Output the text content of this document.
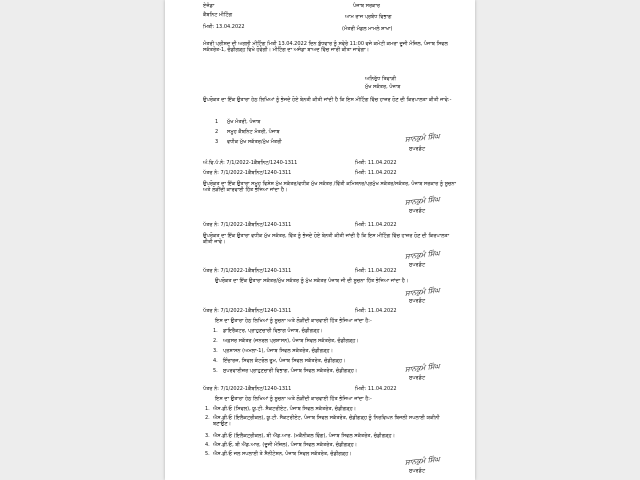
ਏਜੰਡਾ
ਕੈਬਨਿਟ ਮੀਟਿੰਗ
ਮਿਤੀ: 13.04.2022
ਪੰਜਾਬ ਸਰਕਾਰ
ਆਮ ਰਾਜ ਪ੍ਰਬੰਧ ਵਿਭਾਗ
(ਮੰਤਰੀ ਮੰਡਲ ਮਾਮਲੇ ਸ਼ਾਖਾ)
ਮੰਤਰੀ ਪ੍ਰੀਸ਼ਦ ਦੀ ਅਗਲੀ ਮੀਟਿੰਗ ਮਿਤੀ 13.04.2022 ਦਿਨ ਬੁੱਧਵਾਰ ਨੂੰ ਸਵੇਰੇ 11:00 ਵਜੇ ਕਮੇਟੀ ਕਮਰਾ ਦੂਜੀ ਮੰਜ਼ਿਲ, ਪੰਜਾਬ ਸਿਵਲ ਸਕੱਤਰੇਤ-1, ਚੰਡੀਗੜ੍ਹ ਵਿਖੇ ਹੋਵੇਗੀ। ਮੀਟਿੰਗ ਦਾ ਅਜੰਡਾ ਬਾਅਦ ਵਿੱਚ ਜਾਰੀ ਕੀਤਾ ਜਾਵੇਗਾ।
ਅਨਿਰੁੱਧ ਤਿਵਾੜੀ
ਮੁੱਖ ਸਕੱਤਰ, ਪੰਜਾਬ
ਉਪਰੋਕਤ ਦਾ ਇੱਕ ਉਤਾਰਾ ਹੇਠ ਲਿਖਿਆਂ ਨੂੰ ਭੇਜਦੇ ਹੋਏ ਬੇਨਤੀ ਕੀਤੀ ਜਾਂਦੀ ਹੈ ਕਿ ਇਸ ਮੀਟਿੰਗ ਵਿੱਚ ਹਾਜ਼ਰ ਹੋਣ ਦੀ ਕਿਰਪਾਲਤਾ ਕੀਤੀ ਜਾਵੇ:-
1 ਮੁੱਖ ਮੰਤਰੀ, ਪੰਜਾਬ
2 ਸਮੂਹ ਕੈਬਨਿਟ ਮੰਤਰੀ, ਪੰਜਾਬ
3 ਵਧੀਕ ਮੁੱਖ ਸਕੱਤਰ/ਮੁੱਖ ਮੰਤਰੀ	ਸਾਨਕੁਮੰ ਸਿੰਘ
ਸੁਪਰਡੰਟ
ਅੰ.ਵਿ.ਪੱ.ਨੰ: 7/1/2022-1ਕੈਬਨਿਟ/1240-1311	ਮਿਤੀ: 11.04.2022
ਪੱਤਰ ਨੰ: 7/1/2022-1ਕੈਬਨਿਟ/1240-1311	ਮਿਤੀ: 11.04.2022
ਉਪਰੋਕਤ ਦਾ ਇੱਕ ਉਤਾਰਾ ਸਮੂਹ ਵਿਸ਼ੇਸ਼ ਮੁੱਖ ਸਕੱਤਰ/ਵਧੀਕ ਮੁੱਖ ਸਕੱਤਰ /ਵਿੱਤੀ ਕਮਿਸ਼ਨਰ/ਪ੍ਰਮੁੱਖ ਸਕੱਤਰ/ਸਕੱਤਰ, ਪੰਜਾਬ ਸਰਕਾਰ ਨੂੰ ਸੂਚਨਾ ਅਤੇ ਲੋੜੀਂਦੀ ਕਾਰਵਾਈ ਹਿੱਤ ਭੇਜਿਆ ਜਾਂਦਾ ਹੈ।
ਸਾਨਕੁਮੰ ਸਿੰਘ
ਸੁਪਰਡੰਟ
ਪੱਤਰ ਨੰ: 7/1/2022-1ਕੈਬਨਿਟ/1240-1311	ਮਿਤੀ: 11.04.2022
ਉਪਰੋਕਤ ਦਾ ਇੱਕ ਉਤਾਰਾ ਵਧੀਕ ਮੁੱਖ ਸਕੱਤਰ, ਵਿੱਤ ਨੂੰ ਭੇਜਦੇ ਹੋਏ ਬੇਨਤੀ ਕੀਤੀ ਜਾਂਦੀ ਹੈ ਕਿ ਇਸ ਮੀਟਿੰਗ ਵਿੱਚ ਹਾਜ਼ਰ ਹੋਣ ਦੀ ਕਿਰਪਾਲਤਾ ਕੀਤੀ ਜਾਵੇ।
ਸਾਨਕੁਮੰ ਸਿੰਘ
ਸੁਪਰਡੰਟ
ਪੱਤਰ ਨੰ: 7/1/2022-1ਕੈਬਨਿਟ/1240-1311	ਮਿਤੀ: 11.04.2022
ਉਪਰੋਕਤ ਦਾ ਇੱਕ ਉਤਾਰਾ ਸਕੱਤਰ/ਮੁੱਖ ਸਕੱਤਰ ਨੂੰ ਮੁੱਖ ਸਕੱਤਰ ਪੰਜਾਬ ਜੀ ਦੀ ਸੂਚਨਾ ਹਿੱਤ ਭੇਜਿਆ ਜਾਂਦਾ ਹੈ।
ਸਾਨਕੁਮੰ ਸਿੰਘ
ਸੁਪਰਡੰਟ
ਪੱਤਰ ਨੰ: 7/1/2022-1ਕੈਬਨਿਟ/1240-1311	ਮਿਤੀ: 11.04.2022
ਇਸ ਦਾ ਉਤਾਰਾ ਹੇਠ ਲਿਖਿਆਂ ਨੂੰ ਸੂਚਨਾ ਅਤੇ ਲੋੜੀਂਦੀ ਕਾਰਵਾਈ ਹਿੱਤ ਭੇਜਿਆ ਜਾਂਦਾ ਹੈ:-
1. ਡਾਇਰੈਕਟਰ, ਪ੍ਰਾਹੁਣਚਾਰੀ ਵਿਭਾਗ ਪੰਜਾਬ, ਚੰਡੀਗੜ੍ਹ।
2. ਅਫ਼ਸਰ ਸਕੱਤਰ (ਜਨਰਲ ਪ੍ਰਸ਼ਾਸਨ), ਪੰਜਾਬ ਸਿਵਲ ਸਕੱਤਰੇਤ, ਚੰਡੀਗੜ੍ਹ।
3. ਪ੍ਰਸ਼ਾਸਨ (ਅਮਲਾ-1), ਪੰਜਾਬ ਸਿਵਲ ਸਕੱਤਰੇਤ, ਚੰਡੀਗੜ੍ਹ।
4. ਇੰਚਾਰਜ, ਸਿਵਲ ਕੰਟਰੋਲ ਰੂਮ, ਪੰਜਾਬ ਸਿਵਲ ਸਕੱਤਰੇਤ, ਚੰਡੀਗੜ੍ਹ।
5. ਸੁਪਰਵਾਈਜ਼ਰ ਪ੍ਰਾਹੁਣਚਾਰੀ ਵਿਭਾਗ, ਪੰਜਾਬ ਸਿਵਲ ਸਕੱਤਰੇਤ, ਚੰਡੀਗੜ੍ਹ।	ਸਾਨਕੁਮੰ ਸਿੰਘ
ਸੁਪਰਡੰਟ
ਪੱਤਰ ਨੰ: 7/1/2022-1ਕੈਬਨਿਟ/1240-1311	ਮਿਤੀ: 11.04.2022
ਇਸ ਦਾ ਉਤਾਰਾ ਹੇਠ ਲਿਖਿਆਂ ਨੂੰ ਸੂਚਨਾ ਅਤੇ ਲੋੜੀਂਦੀ ਕਾਰਵਾਈ ਹਿੱਤ ਭੇਜਿਆ ਜਾਂਦਾ ਹੈ:-
1. ਐਸ.ਡੀ.ਓ (ਸਿਵਲ), ਯੂ.ਟੀ. ਸੈਕਟਰੀਏਟ, ਪੰਜਾਬ ਸਿਵਲ ਸਕੱਤਰੇਤ, ਚੰਡੀਗੜ੍ਹ।
2. ਐਸ.ਡੀ.ਓ (ਇਲੈਕਟ੍ਰੀਕਲ), ਯੂ.ਟੀ. ਸੈਕਟਰੀਏਟ, ਪੰਜਾਬ ਸਿਵਲ ਸਕੱਤਰੇਤ, ਚੰਡੀਗੜ੍ਹ ਨੂੰ ਨਿਰਵਿਘਨ ਬਿਜਲੀ ਸਪਲਾਈ ਯਕੀਨੀ ਬਣਾਉਣ।
3. ਐਸ.ਡੀ.ਓ (ਇਲੈਕਟ੍ਰੀਕਲ), ਬੀ ਐਂਡ.ਆਰ. (ਮਕੈਨੀਕਲ ਵਿੰਗ), ਪੰਜਾਬ ਸਿਵਲ ਸਕੱਤਰੇਤ, ਚੰਡੀਗੜ੍ਹ।
4. ਐਸ.ਡੀ.ਓ, ਬੀ ਐਂਡ.ਆਰ, (ਦੂਜੀ ਮੰਜ਼ਿਲ), ਪੰਜਾਬ ਸਿਵਲ ਸਕੱਤਰੇਤ, ਚੰਡੀਗੜ੍ਹ।
5. ਐਸ.ਡੀ.ਓ ਜਲ ਸਪਲਾਈ ਤੇ ਸੈਨੀਟੇਸ਼ਨ, ਪੰਜਾਬ ਸਿਵਲ ਸਕੱਤਰੇਤ, ਚੰਡੀਗੜ੍ਹ।
ਸਾਨਕੁਮੰ ਸਿੰਘ
ਸੁਪਰਡੰਟ
